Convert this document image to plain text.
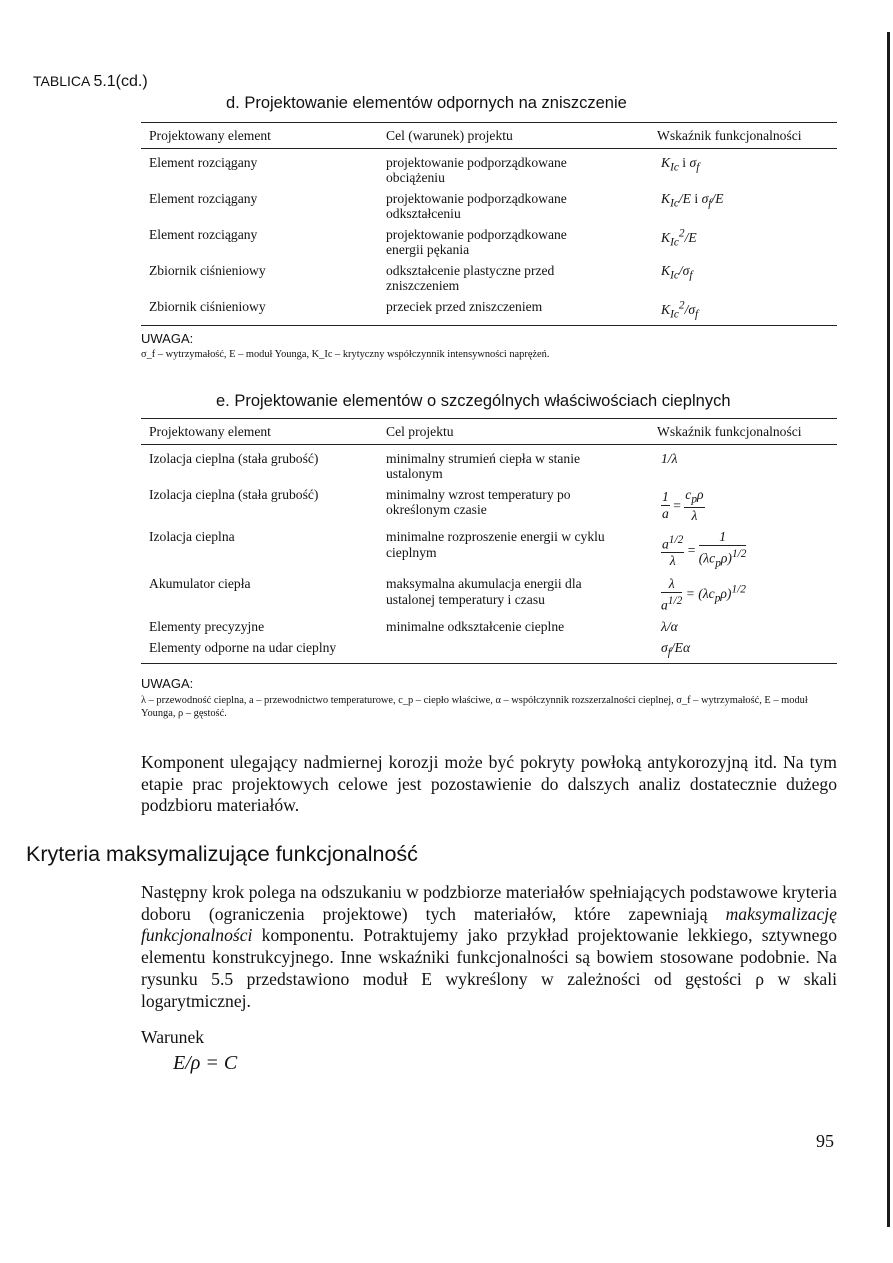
TABLICA 5.1(cd.)
d. Projektowanie elementów odpornych na zniszczenie
Projektowany element	Cel (warunek) projektu	Wskaźnik funkcjonalności
Element rozciągany	projektowanie podporządkowane obciążeniu	$K_{Ic}$ i $\sigma_f$
Element rozciągany	projektowanie podporządkowane odkształceniu	$K_{Ic}/E$ i $\sigma_f/E$
Element rozciągany	projektowanie podporządkowane energii pękania	$K_{Ic}^2/E$
Zbiornik ciśnieniowy	odkształcenie plastyczne przed zniszczeniem	$K_{Ic}/\sigma_f$
Zbiornik ciśnieniowy	przeciek przed zniszczeniem	$K_{Ic}^2/\sigma_f$
UWAGA:
σ_f – wytrzymałość, E – moduł Younga, K_Ic – krytyczny współczynnik intensywności naprężeń.
e. Projektowanie elementów o szczególnych właściwościach cieplnych
Projektowany element	Cel projektu	Wskaźnik funkcjonalności
Izolacja cieplna (stała grubość)	minimalny strumień ciepła w stanie ustalonym	1/λ
Izolacja cieplna (stała grubość)	minimalny wzrost temperatury po określonym czasie	$\frac{1}{a} = \frac{c_p\rho}{\lambda}$

Izolacja cieplna	minimalne rozproszenie energii w cyklu cieplnym	$\frac{a^{1/2}}{\lambda} = \frac{1}{(\lambda c_p\rho)^{1/2}}$

Akumulator ciepła	maksymalna akumulacja energii dla ustalonej temperatury i czasu	$\frac{\lambda}{a^{1/2}} = (\lambda c_p\rho)^{1/2}$
Elementy precyzyjne	minimalne odkształcenie cieplne	λ/α
Elementy odporne na udar cieplny		$\sigma_f/E\alpha$
UWAGA:
λ – przewodność cieplna, a – przewodnictwo temperaturowe, c_p – ciepło właściwe, α – współczynnik rozszerzalności cieplnej, σ_f – wytrzymałość, E – moduł Younga, ρ – gęstość.
Komponent ulegający nadmiernej korozji może być pokryty powłoką antykorozyjną itd. Na tym etapie prac projektowych celowe jest pozostawienie do dalszych analiz dostatecznie dużego podzbioru materiałów.
Kryteria maksymalizujące funkcjonalność
Następny krok polega na odszukaniu w podzbiorze materiałów spełniających podstawowe kryteria doboru (ograniczenia projektowe) tych materiałów, które zapewniają maksymalizację funkcjonalności komponentu. Potraktujemy jako przykład projektowanie lekkiego, sztywnego elementu konstrukcyjnego. Inne wskaźniki funkcjonalności są bowiem stosowane podobnie. Na rysunku 5.5 przedstawiono moduł E wykreślony w zależności od gęstości ρ w skali logarytmicznej.
Warunek
E/ρ = C
95
